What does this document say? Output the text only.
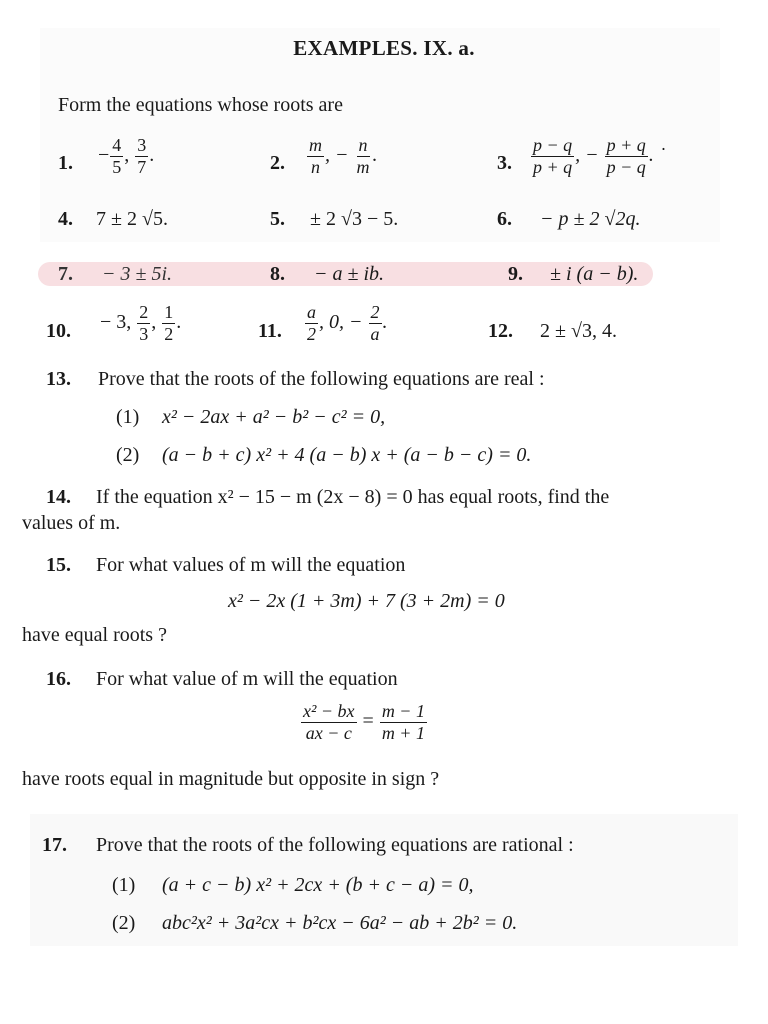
EXAMPLES. IX. a.
Form the equations whose roots are
1. − $\frac{4}{5}$ , $\frac{3}{7}$ .	2. $\frac{m}{n}$ , − $\frac{n}{m}$ .	3. $\frac{p - q}{p + q}$ , − $\frac{p + q}{p - q}$ . ˙
4. 7 ± 2 √5.	5. ± 2 √3 − 5.	6. − p ± 2 √2q.
7. − 3 ± 5i.	8. − a ± ib.	9. ± i (a − b).
10. − 3, $\frac{2}{3}$ , $\frac{1}{2}$ .	11. $\frac{a}{2}$ , 0, − $\frac{2}{a}$ .	12. 2 ± √3, 4.
13. Prove that the roots of the following equations are real :
(1) x² − 2ax + a² − b² − c² = 0,
(2) (a − b + c) x² + 4 (a − b) x + (a − b − c) = 0.
14. If the equation x² − 15 − m (2x − 8) = 0 has equal roots, find the
values of m.
15. For what values of m will the equation
x² − 2x (1 + 3m) + 7 (3 + 2m) = 0
have equal roots ?
16. For what value of m will the equation
$\frac{\text{x² − bx}}{ax - c} = \frac{m - 1}{m + 1}$
have roots equal in magnitude but opposite in sign ?
17. Prove that the roots of the following equations are rational :
(1) (a + c − b) x² + 2cx + (b + c − a) = 0,
(2) abc²x² + 3a²cx + b²cx − 6a² − ab + 2b² = 0.
